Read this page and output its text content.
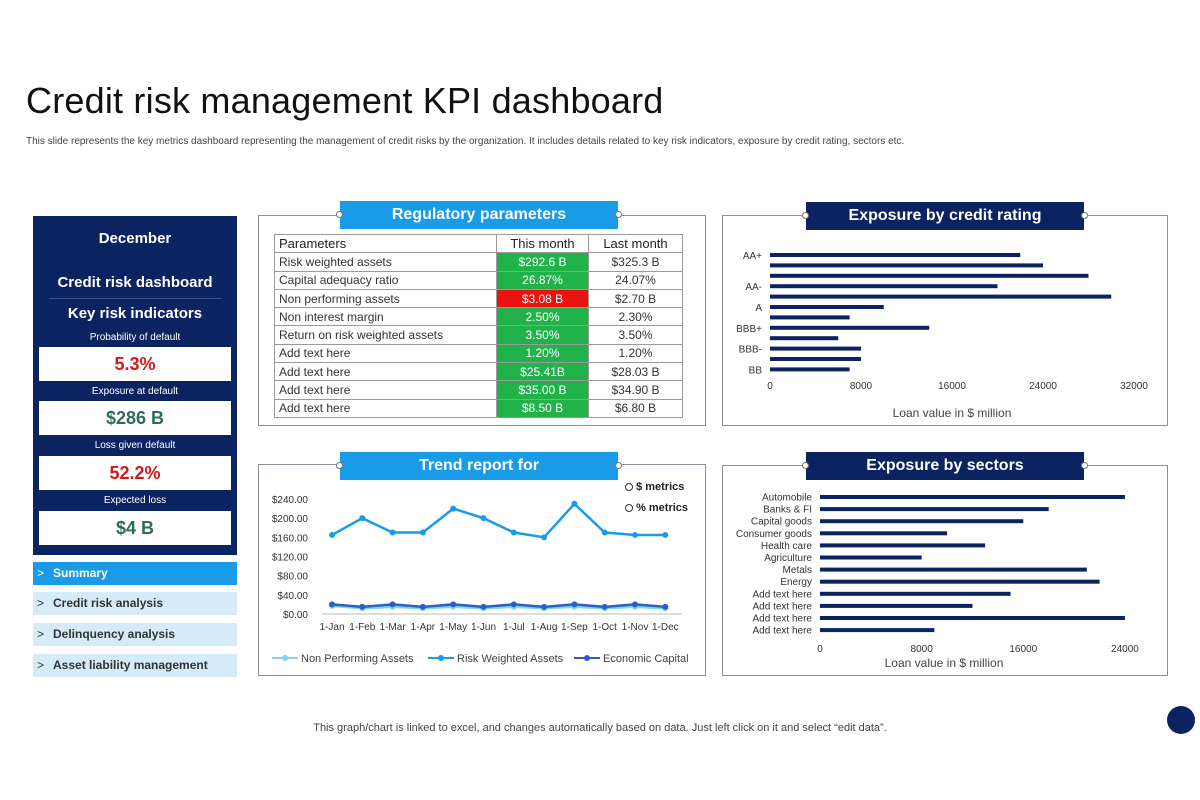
Credit risk management KPI dashboard
This slide represents the key metrics dashboard representing the management of credit risks by the organization. It includes details related to key risk indicators, exposure by credit rating, sectors etc.
December
Credit risk dashboard
Key risk indicators
Probability of default
5.3%
Exposure at default
$286 B
Loss given default
52.2%
Expected loss
$4 B
> Summary
> Credit risk analysis
> Delinquency analysis
> Asset liability management
Regulatory parameters
Parameters	This month	Last month
Risk weighted assets	$292.6 B	$325.3 B
Capital adequacy ratio	26.87%	24.07%
Non performing assets	$3.08 B	$2.70 B
Non interest margin	2.50%	2.30%
Return on risk weighted assets	3.50%	3.50%
Add text here	1.20%	1.20%
Add text here	$25.41B	$28.03 B
Add text here	$35.00 B	$34.90 B
Add text here	$8.50 B	$6.80 B
Exposure by credit rating
AA+
AA-
A
BBB+
BBB-
BB
0	8000	16000	24000	32000
Loan value in $ million
Trend report for
$ metrics
% metrics
$0.00
$40.00
$80.00
$120.00
$160.00
$200.00
$240.00
1-Jan 1-Feb 1-Mar 1-Apr 1-May 1-Jun 1-Jul 1-Aug 1-Sep 1-Oct 1-Nov 1-Dec
Non Performing Assets	Risk Weighted Assets	Economic Capital
Exposure by sectors
Automobile
Banks & FI
Capital goods
Consumer goods
Health care
Agriculture
Metals
Energy
Add text here
Add text here
Add text here
Add text here
0	8000	16000	24000
Loan value in $ million
This graph/chart is linked to excel, and changes automatically based on data. Just left click on it and select “edit data”.
